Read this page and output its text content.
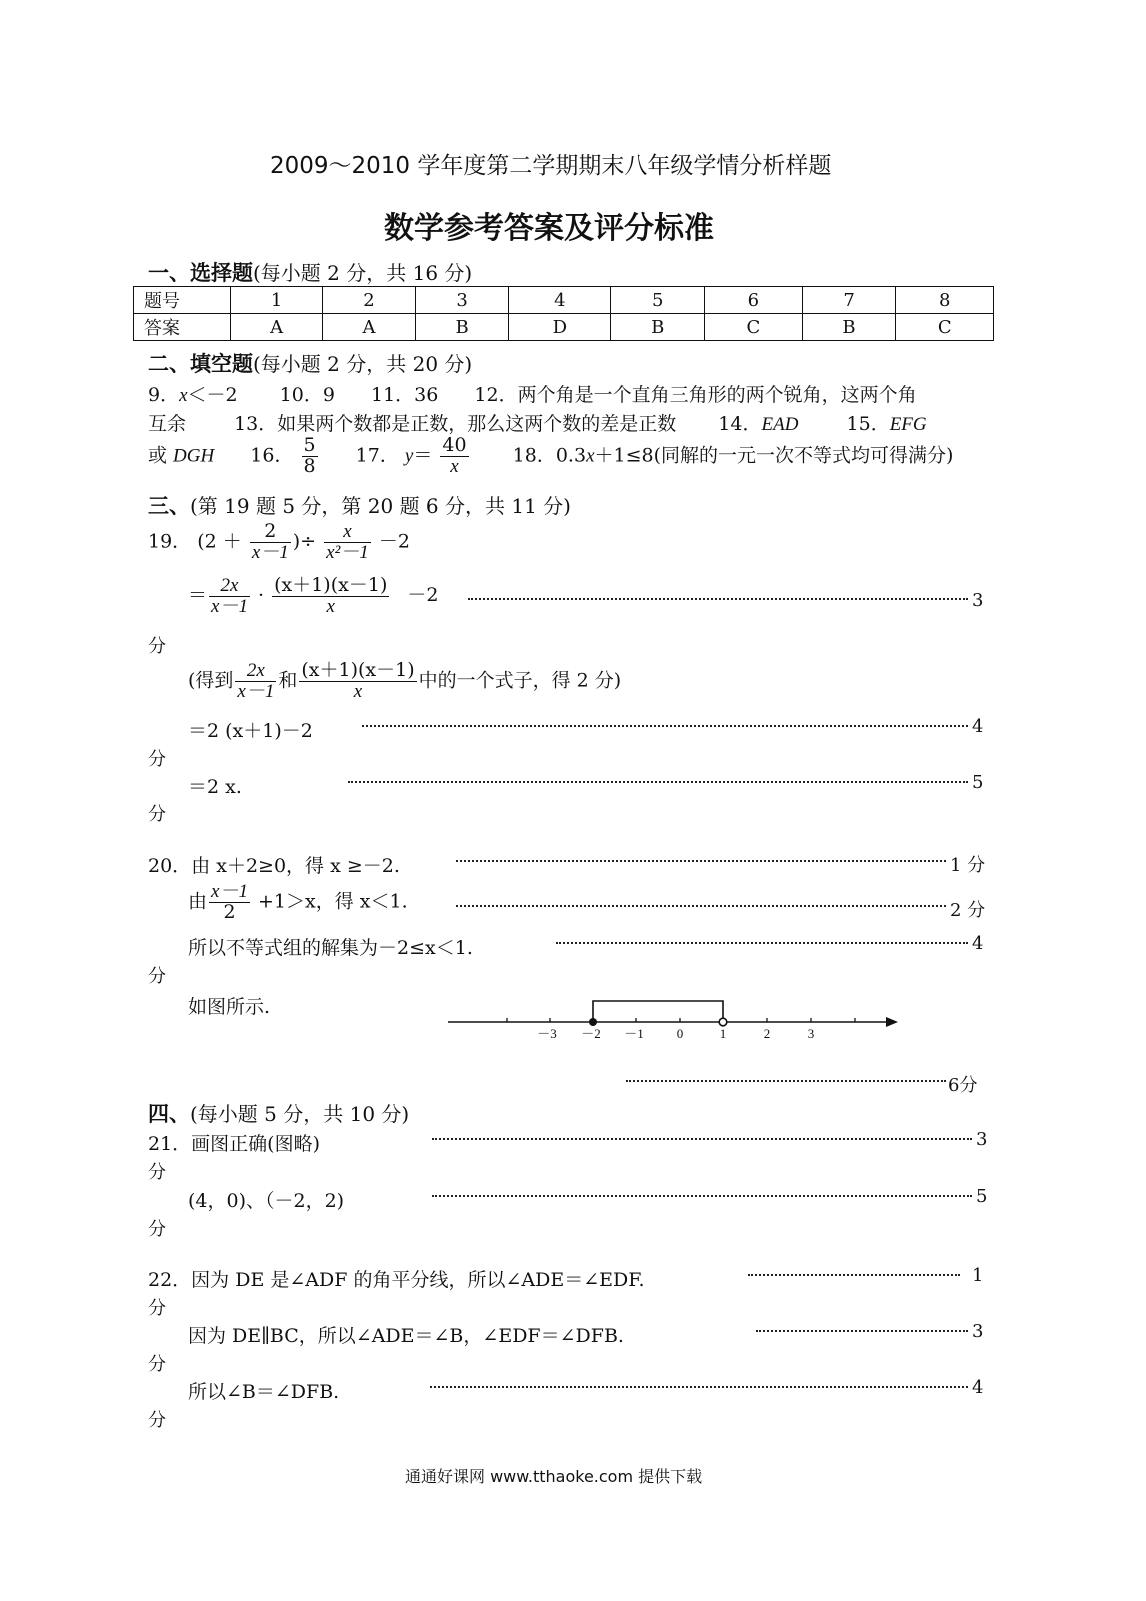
2009～2010 学年度第二学期期末八年级学情分析样题
数学参考答案及评分标准
一、选择题(每小题 2 分，共 16 分)
题号	1	2	3	4	5	6	7	8
答案	A	A	B	D	B	C	B	C
二、填空题(每小题 2 分，共 20 分)
9．x＜－2 10．9 11．36 12．两个角是一个直角三角形的两个锐角，这两个角
互余	13．如果两个数都是正数，那么这两个数的差是正数 14．EAD	15．EFG
或 DGH 16． $\frac{5}{8} 17$． $y= \frac{40}{x} 18$．0.3x＋1≤8(同解的一元一次不等式均可得满分)
三、(第 19 题 5 分，第 20 题 6 分，共 11 分)
19． ($2 + \frac{2}{x-1}$ )÷ $\frac{x}{\text{x²－1}} -2$
＝ $\frac{2x}{x-1} \cdot \frac{(x+1)(x-1)}{x} -2$	3
分
(得到 $\frac{2x}{x-1}$ 和 $\frac{(x+1)(x-1)}{x}$ 中的一个式子，得 2 分)
＝2 (x＋1)－2	4
分
＝2 x.	5
分
20．由 x＋2≥0，得 x ≥－2.	1 分
由 $\frac{x-1}{2} +1>x$，得 x＜1.	2 分
所以不等式组的解集为－2≤x＜1.	4
分
如图所示.
－3 －2 －1	0	1	2	3
6分
四、(每小题 5 分，共 10 分)
21．画图正确(图略)	3
分
(4，0)、（－2，2)	5
分
22．因为 DE 是∠ADF 的角平分线，所以∠ADE＝∠EDF.	1
分
因为 DE∥BC，所以∠ADE＝∠B，∠EDF＝∠DFB.	3
分
所以∠B＝∠DFB.	4
分
通通好课网 www.tthaoke.com 提供下载
